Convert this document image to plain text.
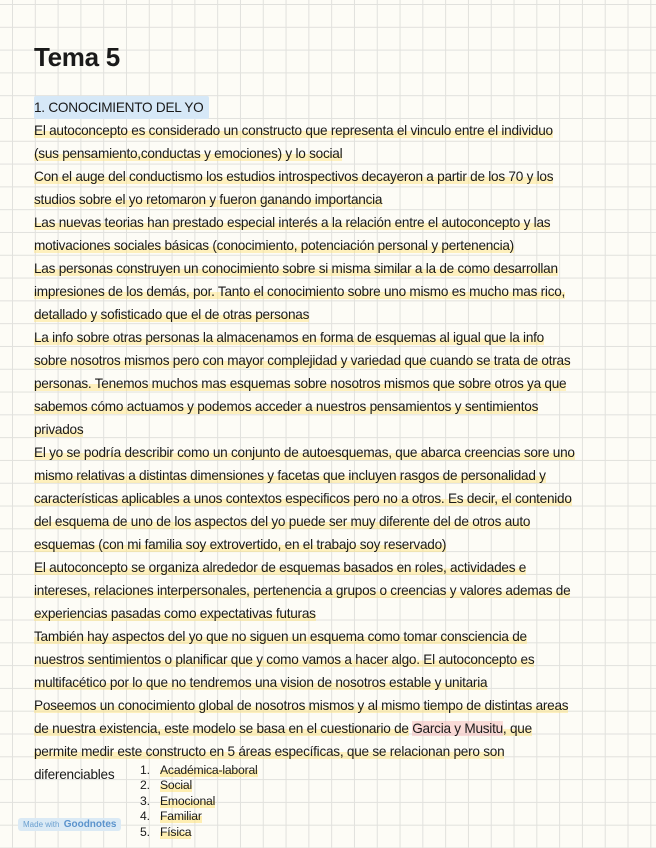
Tema 5
1. CONOCIMIENTO DEL YO
El autoconcepto es considerado un constructo que representa el vinculo entre el individuo
(sus pensamiento,conductas y emociones) y lo social
Con el auge del conductismo los estudios introspectivos decayeron a partir de los 70 y los
studios sobre el yo retomaron y fueron ganando importancia
Las nuevas teorias han prestado especial interés a la relación entre el autoconcepto y las
motivaciones sociales básicas (conocimiento, potenciación personal y pertenencia)
Las personas construyen un conocimiento sobre si misma similar a la de como desarrollan
impresiones de los demás, por. Tanto el conocimiento sobre uno mismo es mucho mas rico,
detallado y sofisticado que el de otras personas
La info sobre otras personas la almacenamos en forma de esquemas al igual que la info
sobre nosotros mismos pero con mayor complejidad y variedad que cuando se trata de otras
personas. Tenemos muchos mas esquemas sobre nosotros mismos que sobre otros ya que
sabemos cómo actuamos y podemos acceder a nuestros pensamientos y sentimientos
privados
El yo se podría describir como un conjunto de autoesquemas, que abarca creencias sore uno
mismo relativas a distintas dimensiones y facetas que incluyen rasgos de personalidad y
características aplicables a unos contextos especificos pero no a otros. Es decir, el contenido
del esquema de uno de los aspectos del yo puede ser muy diferente del de otros auto
esquemas (con mi familia soy extrovertido, en el trabajo soy reservado)
El autoconcepto se organiza alrededor de esquemas basados en roles, actividades e
intereses, relaciones interpersonales, pertenencia a grupos o creencias y valores ademas de
experiencias pasadas como expectativas futuras
También hay aspectos del yo que no siguen un esquema como tomar consciencia de
nuestros sentimientos o planificar que y como vamos a hacer algo. El autoconcepto es
multifacético por lo que no tendremos una vision de nosotros estable y unitaria
Poseemos un conocimiento global de nosotros mismos y al mismo tiempo de distintas areas
de nuestra existencia, este modelo se basa en el cuestionario de Garcia y Musitu, que
permite medir este constructo en 5 áreas específicas, que se relacionan pero son
diferenciables 1. Académica-laboral
2. Social
3. Emocional
4. Familiar
5. Física
Made with Goodnotes
